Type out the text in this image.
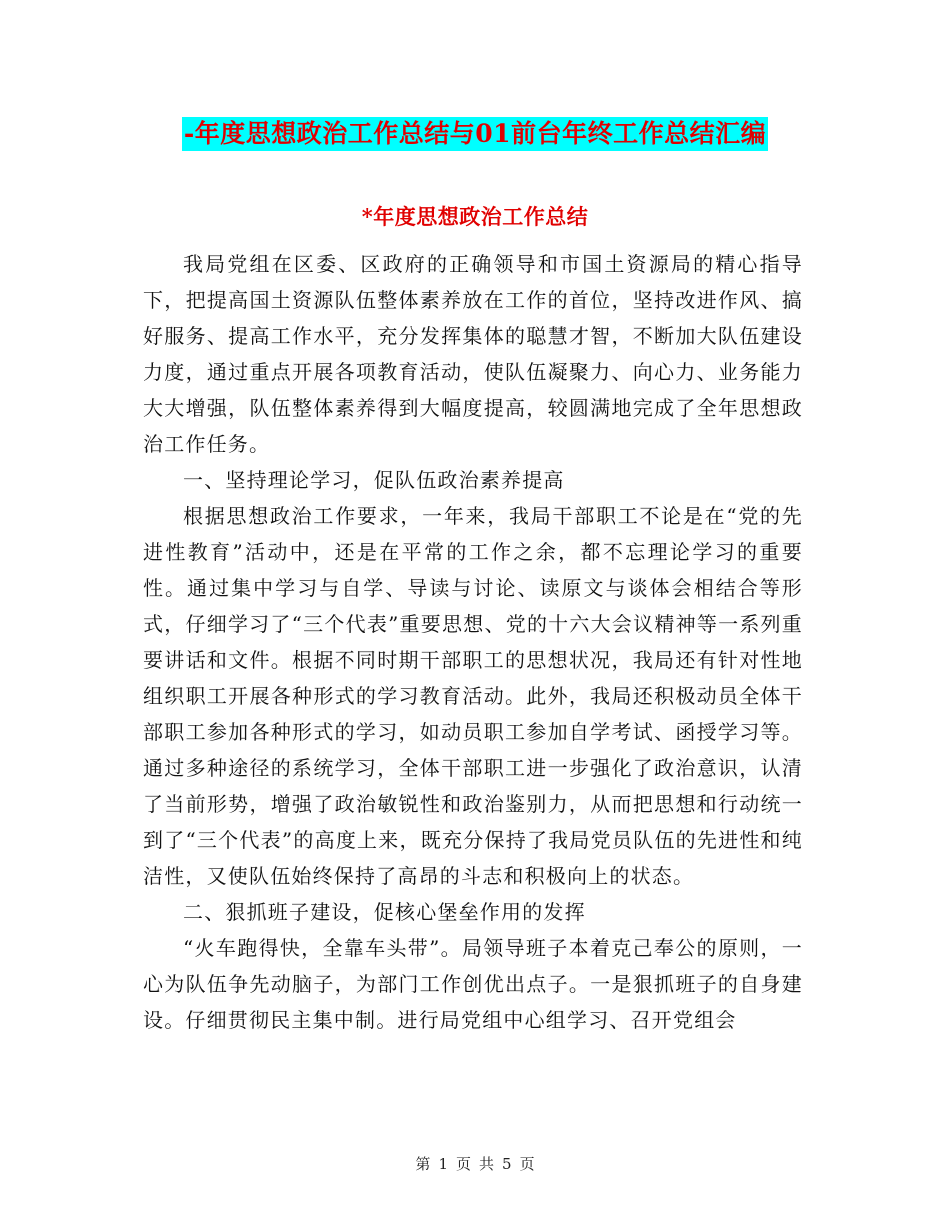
-年度思想政治工作总结与01前台年终工作总结汇编
*年度思想政治工作总结

我局党组在区委、区政府的正确领导和市国土资源局的精心指导下，把提高国土资源队伍整体素养放在工作的首位，坚持改进作风、搞好服务、提高工作水平，充分发挥集体的聪慧才智，不断加大队伍建设力度，通过重点开展各项教育活动，使队伍凝聚力、向心力、业务能力大大增强，队伍整体素养得到大幅度提高，较圆满地完成了全年思想政治工作任务。

一、坚持理论学习，促队伍政治素养提高

根据思想政治工作要求，一年来，我局干部职工不论是在“党的先进性教育”活动中，还是在平常的工作之余，都不忘理论学习的重要性。通过集中学习与自学、导读与讨论、读原文与谈体会相结合等形式，仔细学习了“三个代表”重要思想、党的十六大会议精神等一系列重要讲话和文件。根据不同时期干部职工的思想状况，我局还有针对性地组织职工开展各种形式的学习教育活动。此外，我局还积极动员全体干部职工参加各种形式的学习，如动员职工参加自学考试、函授学习等。通过多种途径的系统学习，全体干部职工进一步强化了政治意识，认清了当前形势，增强了政治敏锐性和政治鉴别力，从而把思想和行动统一到了“三个代表”的高度上来，既充分保持了我局党员队伍的先进性和纯洁性，又使队伍始终保持了高昂的斗志和积极向上的状态。

二、狠抓班子建设，促核心堡垒作用的发挥

“火车跑得快，全靠车头带”。局领导班子本着克己奉公的原则，一心为队伍争先动脑子，为部门工作创优出点子。一是狠抓班子的自身建设。仔细贯彻民主集中制。进行局党组中心组学习、召开党组会

第 1 页 共 5 页
